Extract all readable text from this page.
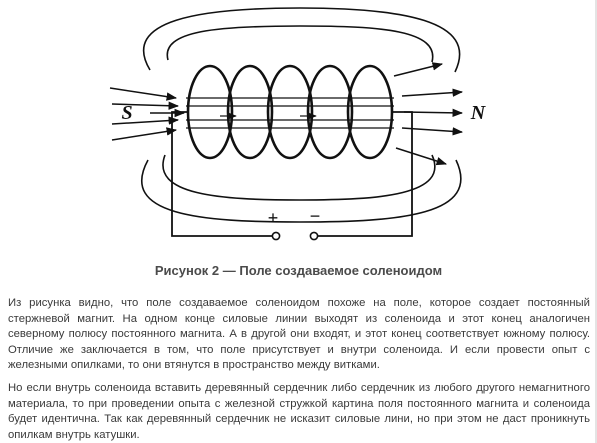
+ −
S	N
Рисунок 2 — Поле создаваемое соленоидом

Из рисунка видно, что поле создаваемое соленоидом похоже на поле, которое создает постоянный стержневой магнит. На одном конце силовые линии выходят из соленоида и этот конец аналогичен северному полюсу постоянного магнита. А в другой они входят, и этот конец соответствует южному полюсу. Отличие же заключается в том, что поле присутствует и внутри соленоида. И если провести опыт с железными опилками, то они втянутся в пространство между витками.

Но если внутрь соленоида вставить деревянный сердечник либо сердечник из любого другого немагнитного материала, то при проведении опыта с железной стружкой картина поля постоянного магнита и соленоида будет идентична. Так как деревянный сердечник не исказит силовые лини, но при этом не даст проникнуть опилкам внутрь катушки.
